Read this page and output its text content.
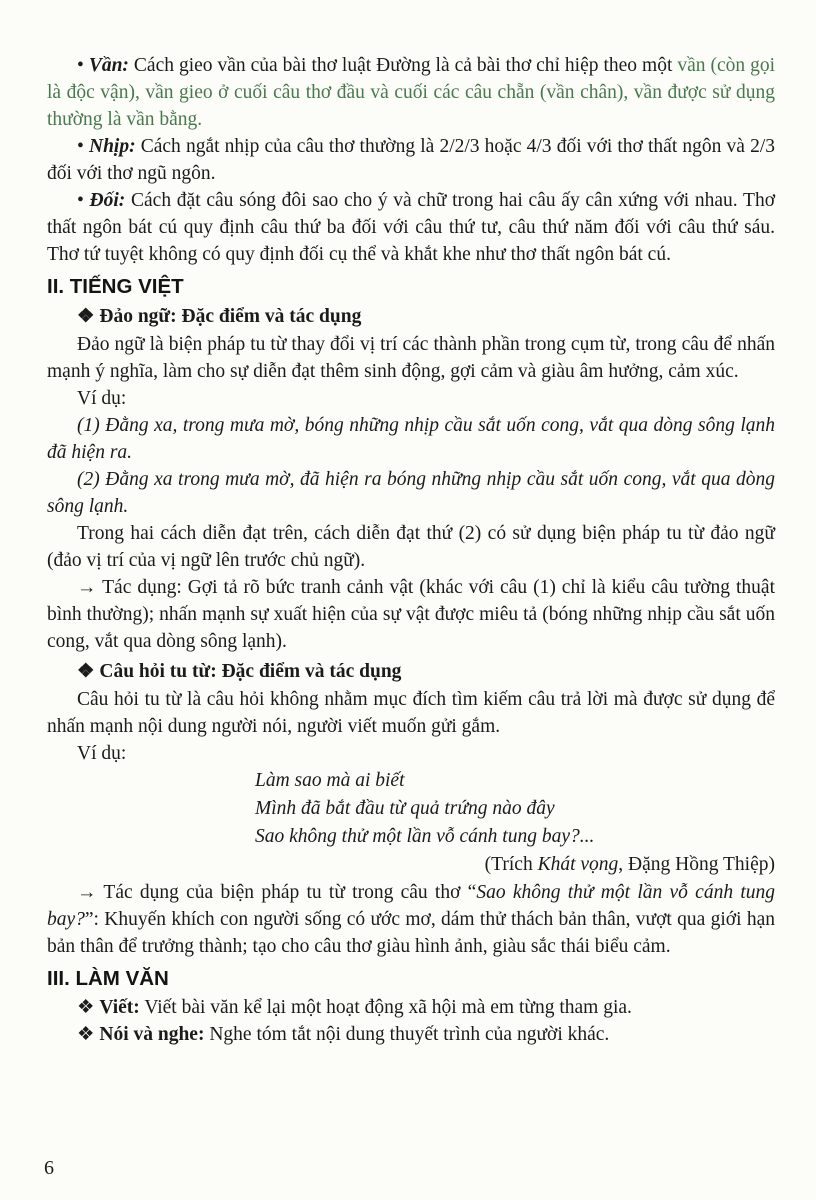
• Vần: Cách gieo vần của bài thơ luật Đường là cả bài thơ chỉ hiệp theo một vần (còn gọi là độc vận), vần gieo ở cuối câu thơ đầu và cuối các câu chẵn (vần chân), vần được sử dụng thường là vần bằng.

• Nhịp: Cách ngắt nhịp của câu thơ thường là 2/2/3 hoặc 4/3 đối với thơ thất ngôn và 2/3 đối với thơ ngũ ngôn.

• Đối: Cách đặt câu sóng đôi sao cho ý và chữ trong hai câu ấy cân xứng với nhau. Thơ thất ngôn bát cú quy định câu thứ ba đối với câu thứ tư, câu thứ năm đối với câu thứ sáu. Thơ tứ tuyệt không có quy định đối cụ thể và khắt khe như thơ thất ngôn bát cú.

II. TIẾNG VIỆT

❖ Đảo ngữ: Đặc điểm và tác dụng

Đảo ngữ là biện pháp tu từ thay đổi vị trí các thành phần trong cụm từ, trong câu để nhấn mạnh ý nghĩa, làm cho sự diễn đạt thêm sinh động, gợi cảm và giàu âm hưởng, cảm xúc.

Ví dụ:

(1) Đằng xa, trong mưa mờ, bóng những nhịp cầu sắt uốn cong, vắt qua dòng sông lạnh đã hiện ra.

(2) Đằng xa trong mưa mờ, đã hiện ra bóng những nhịp cầu sắt uốn cong, vắt qua dòng sông lạnh.

Trong hai cách diễn đạt trên, cách diễn đạt thứ (2) có sử dụng biện pháp tu từ đảo ngữ (đảo vị trí của vị ngữ lên trước chủ ngữ).

→ Tác dụng: Gợi tả rõ bức tranh cảnh vật (khác với câu (1) chỉ là kiểu câu tường thuật bình thường); nhấn mạnh sự xuất hiện của sự vật được miêu tả (bóng những nhịp cầu sắt uốn cong, vắt qua dòng sông lạnh).

❖ Câu hỏi tu từ: Đặc điểm và tác dụng

Câu hỏi tu từ là câu hỏi không nhằm mục đích tìm kiếm câu trả lời mà được sử dụng để nhấn mạnh nội dung người nói, người viết muốn gửi gắm.

Ví dụ:

Làm sao mà ai biết
Mình đã bắt đầu từ quả trứng nào đây
Sao không thử một lần vỗ cánh tung bay?...

(Trích Khát vọng, Đặng Hồng Thiệp)

→ Tác dụng của biện pháp tu từ trong câu thơ “Sao không thử một lần vỗ cánh tung bay?”: Khuyến khích con người sống có ước mơ, dám thử thách bản thân, vượt qua giới hạn bản thân để trưởng thành; tạo cho câu thơ giàu hình ảnh, giàu sắc thái biểu cảm.

III. LÀM VĂN

❖ Viết: Viết bài văn kể lại một hoạt động xã hội mà em từng tham gia.

❖ Nói và nghe: Nghe tóm tắt nội dung thuyết trình của người khác.

6
